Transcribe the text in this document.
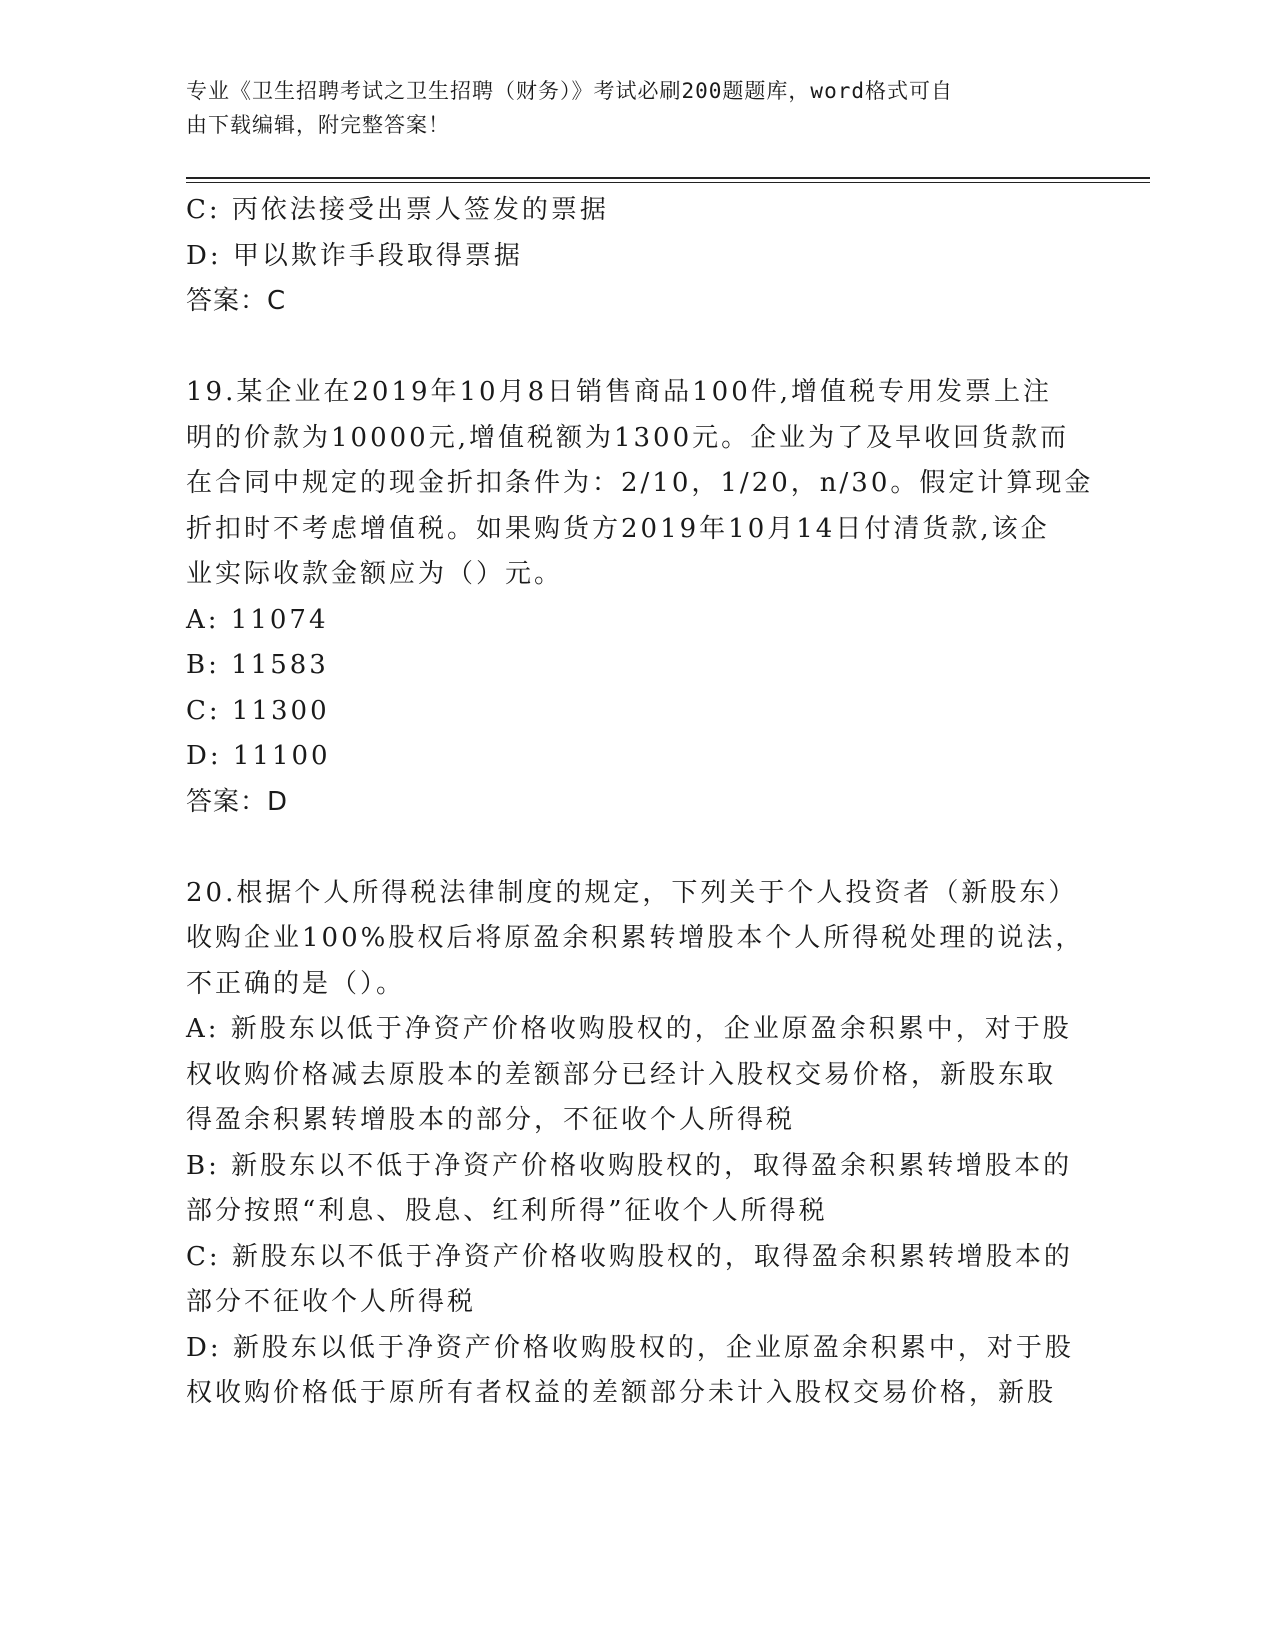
专业《卫生招聘考试之卫生招聘（财务）》考试必刷200题题库，word格式可自
由下载编辑，附完整答案！
C: 丙依法接受出票人签发的票据
D: 甲以欺诈手段取得票据
答案：C
19.某企业在2019年10月8日销售商品100件,增值税专用发票上注
明的价款为10000元,增值税额为1300元。企业为了及早收回货款而
在合同中规定的现金折扣条件为：2/10，1/20，n/30。假定计算现金
折扣时不考虑增值税。如果购货方2019年10月14日付清货款,该企
业实际收款金额应为（）元。
A: 11074
B: 11583
C: 11300
D: 11100
答案：D
20.根据个人所得税法律制度的规定，下列关于个人投资者（新股东）
收购企业100%股权后将原盈余积累转增股本个人所得税处理的说法，
不正确的是（）。
A: 新股东以低于净资产价格收购股权的，企业原盈余积累中，对于股
权收购价格减去原股本的差额部分已经计入股权交易价格，新股东取
得盈余积累转增股本的部分，不征收个人所得税
B: 新股东以不低于净资产价格收购股权的，取得盈余积累转增股本的
部分按照“利息、股息、红利所得”征收个人所得税
C: 新股东以不低于净资产价格收购股权的，取得盈余积累转增股本的
部分不征收个人所得税
D: 新股东以低于净资产价格收购股权的，企业原盈余积累中，对于股
权收购价格低于原所有者权益的差额部分未计入股权交易价格，新股
